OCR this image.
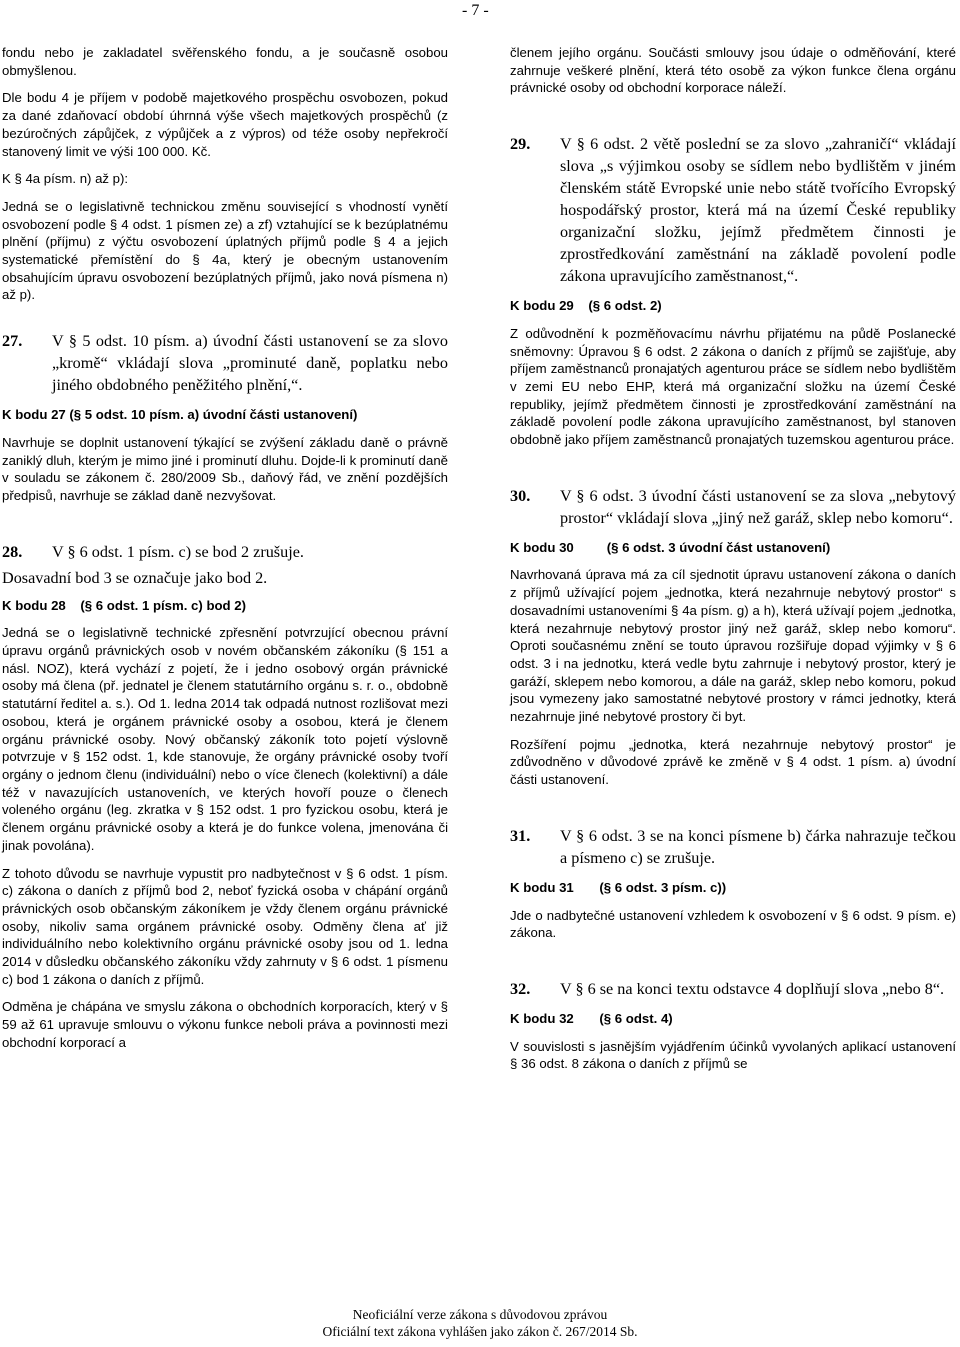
- 7 -

fondu nebo je zakladatel svěřenského fondu, a je současně osobou obmyšlenou.

Dle bodu 4 je příjem v podobě majetkového prospěchu osvobozen, pokud za dané zdaňovací období úhrnná výše všech majetkových prospěchů (z bezúročných zápůjček, z výpůjček a z výpros) od téže osoby nepřekročí stanovený limit ve výši 100 000. Kč.

K § 4a písm. n) až p):

Jedná se o legislativně technickou změnu související s vhodností vynětí osvobození podle § 4 odst. 1 písmen ze) a zf) vztahující se k bezúplatnému plnění (příjmu) z výčtu osvobození úplatných příjmů podle § 4 a jejich systematické přemístění do § 4a, který je obecným ustanovením obsahujícím úpravu osvobození bezúplatných příjmů, jako nová písmena n) až p).

27.	V § 5 odst. 10 písm. a) úvodní části ustanovení se za slovo „kromě“ vkládají slova „prominuté daně, poplatku nebo jiného obdobného peněžitého plnění,“.

K bodu 27 (§ 5 odst. 10 písm. a) úvodní části ustanovení)

Navrhuje se doplnit ustanovení týkající se zvýšení základu daně o právně zaniklý dluh, kterým je mimo jiné i prominutí dluhu. Dojde-li k prominutí daně v souladu se zákonem č. 280/2009 Sb., daňový řád, ve znění pozdějších předpisů, navrhuje se základ daně nezvyšovat.

28.	V § 6 odst. 1 písm. c) se bod 2 zrušuje.

Dosavadní bod 3 se označuje jako bod 2.

K bodu 28    (§ 6 odst. 1 písm. c) bod 2)

Jedná se o legislativně technické zpřesnění potvrzující obecnou právní úpravu orgánů právnických osob v novém občanském zákoníku (§ 151 a násl. NOZ), která vychází z pojetí, že i jedno osobový orgán právnické osoby má člena (př. jednatel je členem statutárního orgánu s. r. o., obdobně statutární ředitel a. s.). Od 1. ledna 2014 tak odpadá nutnost rozlišovat mezi osobou, která je orgánem právnické osoby a osobou, která je členem orgánu právnické osoby. Nový občanský zákoník toto pojetí výslovně potvrzuje v § 152 odst. 1, kde stanovuje, že orgány právnické osoby tvoří orgány o jednom členu (individuální) nebo o více členech (kolektivní) a dále též v navazujících ustanoveních, ve kterých hovoří pouze o členech voleného orgánu (leg. zkratka v § 152 odst. 1 pro fyzickou osobu, která je členem orgánu právnické osoby a která je do funkce volena, jmenována či jinak povolána).

Z tohoto důvodu se navrhuje vypustit pro nadbytečnost v § 6 odst. 1 písm. c) zákona o daních z příjmů bod 2, neboť fyzická osoba v chápání orgánů právnických osob občanským zákoníkem je vždy členem orgánu právnické osoby, nikoliv sama orgánem právnické osoby. Odměny člena ať již individuálního nebo kolektivního orgánu právnické osoby jsou od 1. ledna 2014 v důsledku občanského zákoníku vždy zahrnuty v § 6 odst. 1 písmenu c) bod 1 zákona o daních z příjmů.

Odměna je chápána ve smyslu zákona o obchodních korporacích, který v § 59 až 61 upravuje smlouvu o výkonu funkce neboli práva a povinnosti mezi obchodní korporací a

členem jejího orgánu. Součásti smlouvy jsou údaje o odměňování, které zahrnuje veškeré plnění, která této osobě za výkon funkce člena orgánu právnické osoby od obchodní korporace náleží.

29.	V § 6 odst. 2 větě poslední se za slovo „zahraničí“ vkládají slova „s výjimkou osoby se sídlem nebo bydlištěm v jiném členském státě Evropské unie nebo státě tvořícího Evropský hospodářský prostor, která má na území České republiky organizační složku, jejímž předmětem činnosti je zprostředkování zaměstnání na základě povolení podle zákona upravujícího zaměstnanost,“.

K bodu 29    (§ 6 odst. 2)

Z odůvodnění k pozměňovacímu návrhu přijatému na půdě Poslanecké sněmovny: Úpravou § 6 odst. 2 zákona o daních z příjmů se zajišťuje, aby příjem zaměstnanců pronajatých agenturou práce se sídlem nebo bydlištěm v zemi EU nebo EHP, která má organizační složku na území České republiky, jejímž předmětem činnosti je zprostředkování zaměstnání na základě povolení podle zákona upravujícího zaměstnanost, byl stanoven obdobně jako příjem zaměstnanců pronajatých tuzemskou agenturou práce.

30.	V § 6 odst. 3 úvodní části ustanovení se za slova „nebytový prostor“ vkládají slova „jiný než garáž, sklep nebo komoru“.

K bodu 30         (§ 6 odst. 3 úvodní část ustanovení)

Navrhovaná úprava má za cíl sjednotit úpravu ustanovení zákona o daních z příjmů užívající pojem „jednotka, která nezahrnuje nebytový prostor“ s dosavadními ustanoveními § 4a písm. g) a h), která užívají pojem „jednotka, která nezahrnuje nebytový prostor jiný než garáž, sklep nebo komoru“. Oproti současnému znění se touto úpravou rozšiřuje dopad výjimky v § 6 odst. 3 i na jednotku, která vedle bytu zahrnuje i nebytový prostor, který je garáží, sklepem nebo komorou, a dále na garáž, sklep nebo komoru, pokud jsou vymezeny jako samostatné nebytové prostory v rámci jednotky, která nezahrnuje jiné nebytové prostory či byt.

Rozšíření pojmu „jednotka, která nezahrnuje nebytový prostor“ je zdůvodněno v důvodové zprávě ke změně v § 4 odst. 1 písm. a) úvodní části ustanovení.

31.	V § 6 odst. 3 se na konci písmene b) čárka nahrazuje tečkou a písmeno c) se zrušuje.

K bodu 31       (§ 6 odst. 3 písm. c))

Jde o nadbytečné ustanovení vzhledem k osvobození v § 6 odst. 9 písm. e) zákona.

32.	V § 6 se na konci textu odstavce 4 doplňují slova „nebo 8“.

K bodu 32       (§ 6 odst. 4)

V souvislosti s jasnějším vyjádřením účinků vyvolaných aplikací ustanovení § 36 odst. 8 zákona o daních z příjmů se

Neoficiální verze zákona s důvodovou zprávou
Oficiální text zákona vyhlášen jako zákon č. 267/2014 Sb.
